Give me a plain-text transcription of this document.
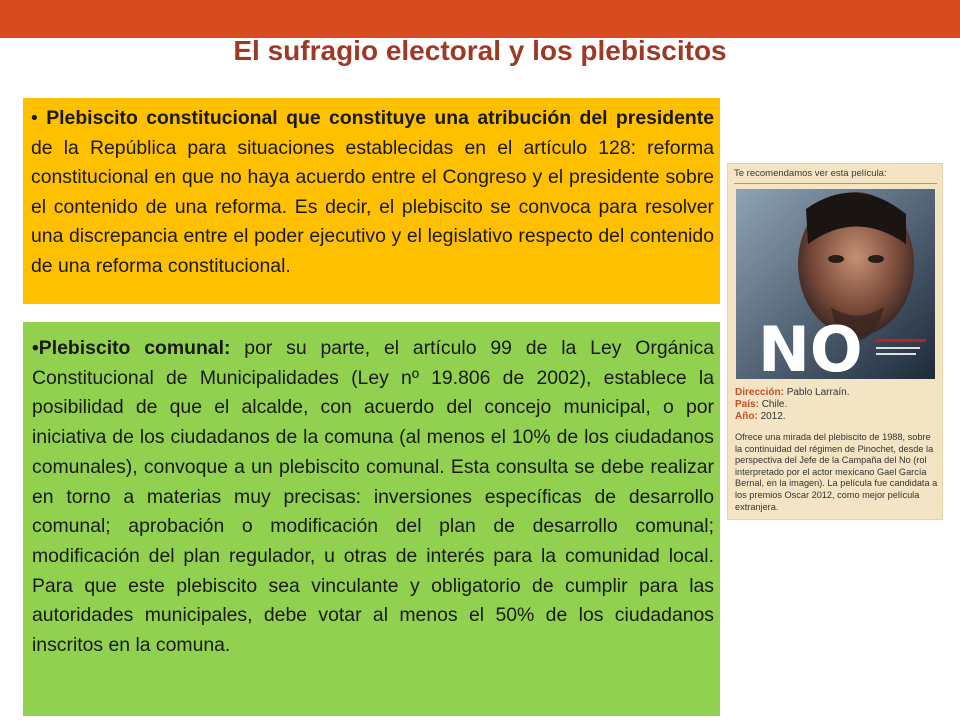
El sufragio electoral y los plebiscitos
• Plebiscito constitucional que constituye una atribución del presidente de la República para situaciones establecidas en el artículo 128: reforma constitucional en que no haya acuerdo entre el Congreso y el presidente sobre el contenido de una reforma. Es decir, el plebiscito se convoca para resolver una discrepancia entre el poder ejecutivo y el legislativo respecto del contenido de una reforma constitucional.
•Plebiscito comunal: por su parte, el artículo 99 de la Ley Orgánica Constitucional de Municipalidades (Ley nº 19.806 de 2002), establece la posibilidad de que el alcalde, con acuerdo del concejo municipal, o por iniciativa de los ciudadanos de la comuna (al menos el 10% de los ciudadanos comunales), convoque a un plebiscito comunal. Esta consulta se debe realizar en torno a materias muy precisas: inversiones específicas de desarrollo comunal; aprobación o modificación del plan de desarrollo comunal; modificación del plan regulador, u otras de interés para la comunidad local. Para que este plebiscito sea vinculante y obligatorio de cumplir para las autoridades municipales, debe votar al menos el 50% de los ciudadanos inscritos en la comuna.
Te recomendamos ver esta película:
NO
Dirección: Pablo Larraín.
País: Chile.
Año: 2012.
Ofrece una mirada del plebiscito de 1988, sobre la continuidad del régimen de Pinochet, desde la perspectiva del Jefe de la Campaña del No (rol interpretado por el actor mexicano Gael García Bernal, en la imagen). La película fue candidata a los premios Oscar 2012, como mejor película extranjera.
